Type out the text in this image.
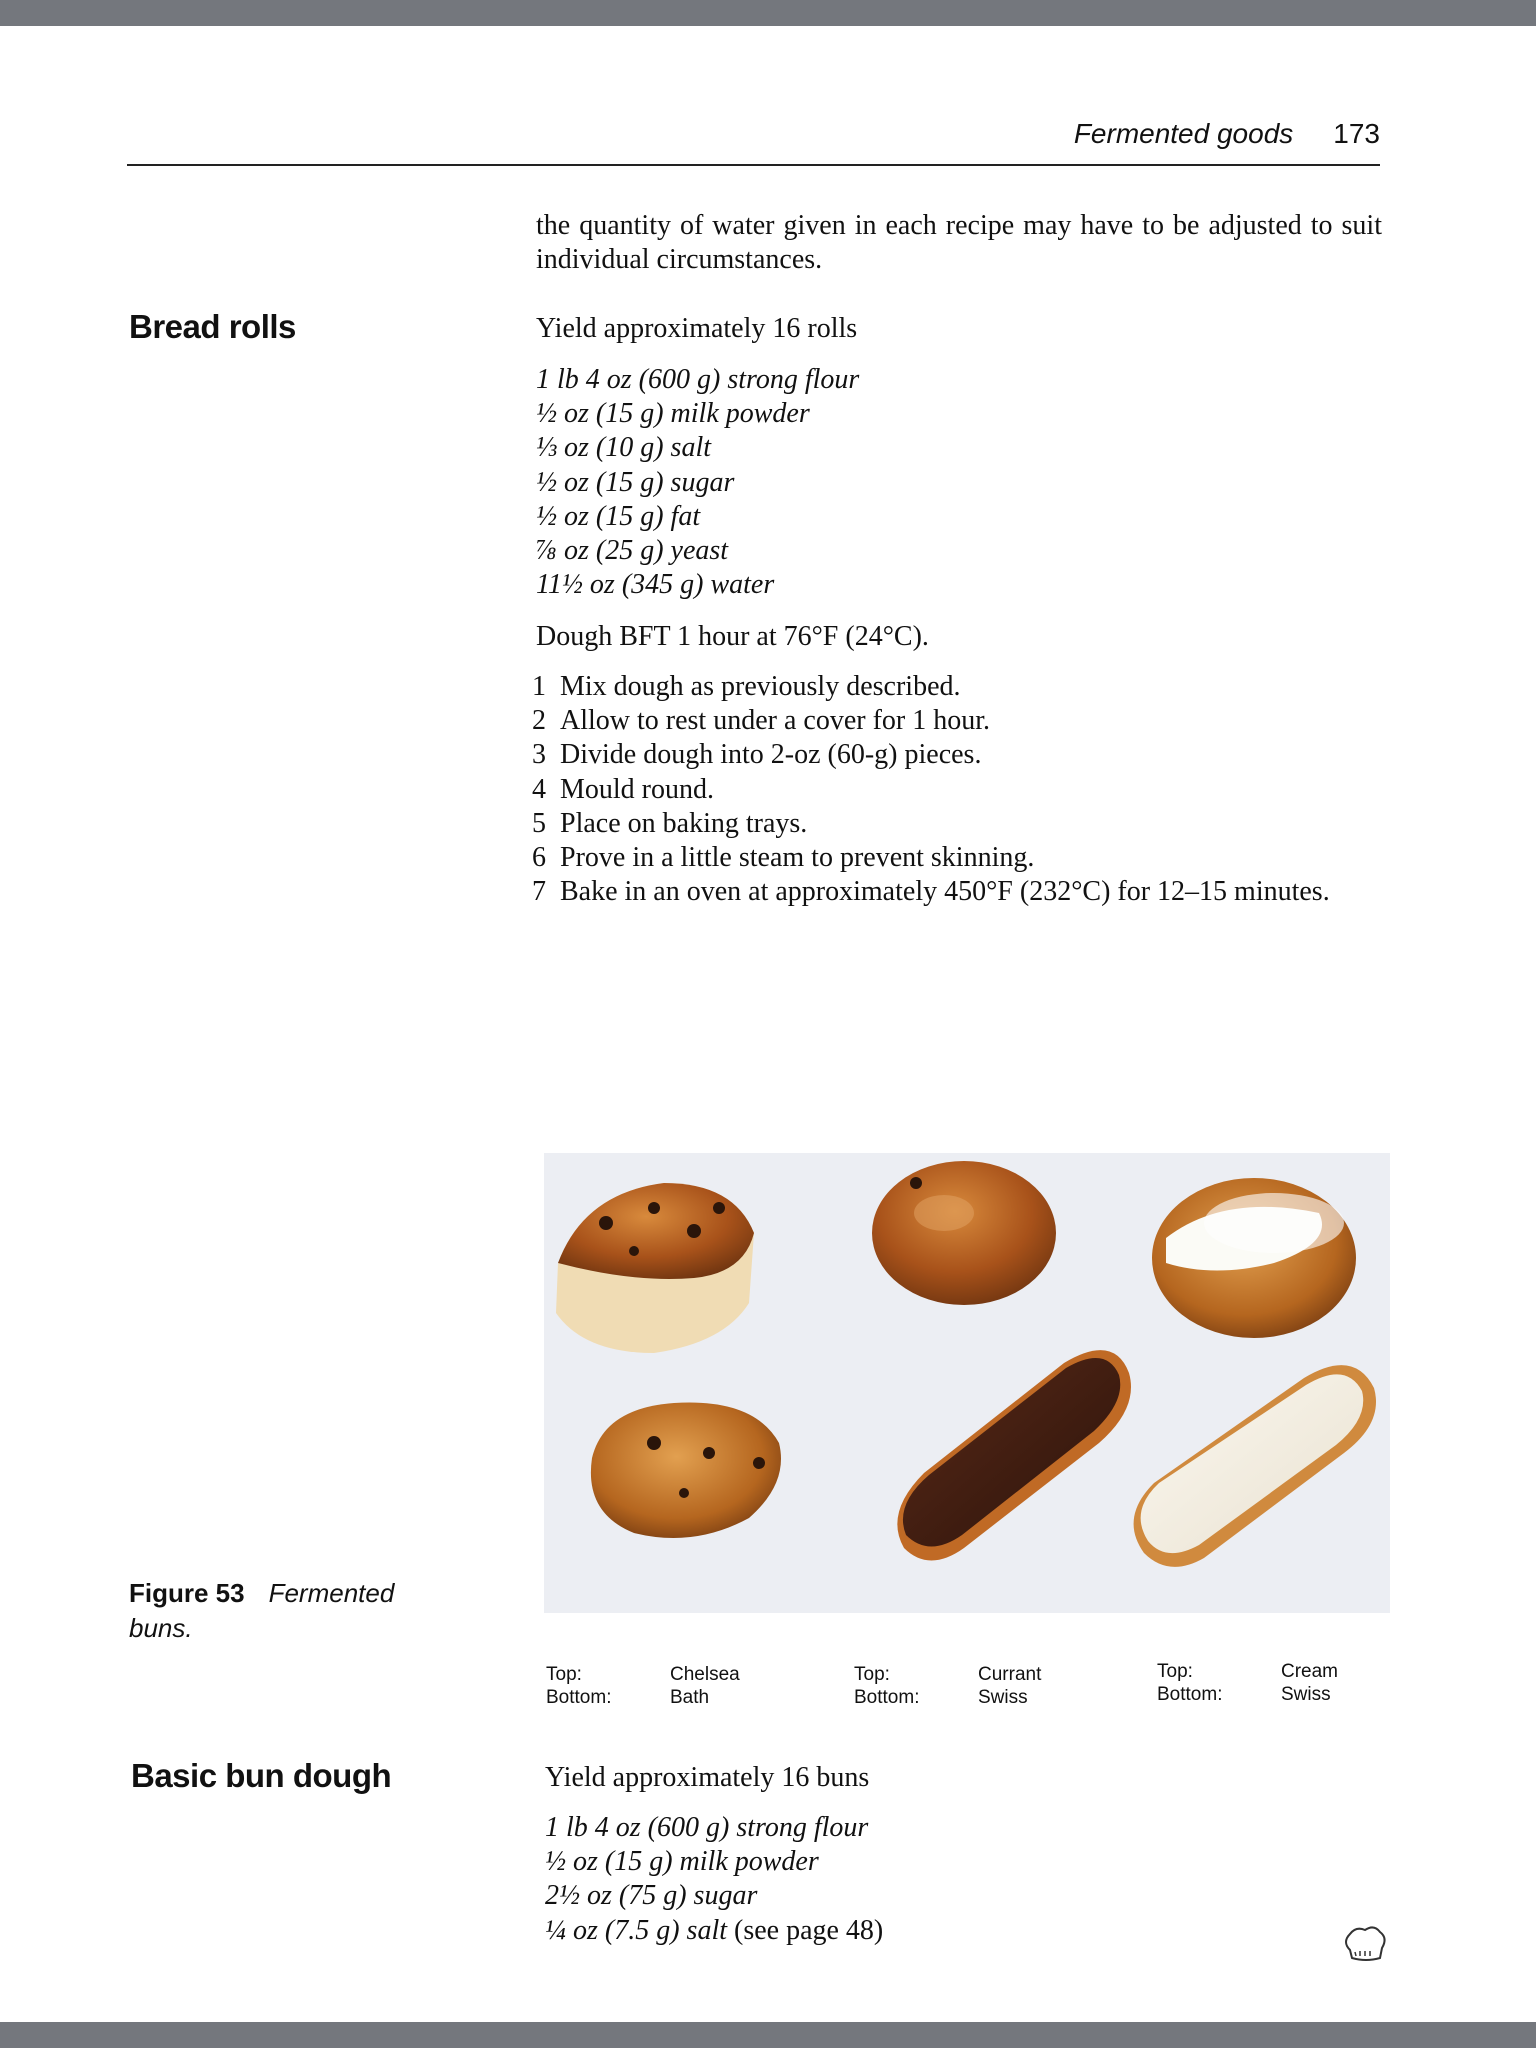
Fermented goods 173
the quantity of water given in each recipe may have to be adjusted to suit individual circumstances.
Bread rolls	Yield approximately 16 rolls
1 lb 4 oz (600 g) strong flour
½ oz (15 g) milk powder
⅓ oz (10 g) salt
½ oz (15 g) sugar
½ oz (15 g) fat
⅞ oz (25 g) yeast
11½ oz (345 g) water
Dough BFT 1 hour at 76°F (24°C).
1 Mix dough as previously described.
2 Allow to rest under a cover for 1 hour.
3 Divide dough into 2-oz (60-g) pieces.
4 Mould round.
5 Place on baking trays.
6 Prove in a little steam to prevent skinning.
7 Bake in an oven at approximately 450°F (232°C) for 12–15 minutes.
Figure 53 Fermented buns.
Top:
Bottom:
Chelsea
Bath
Top:
Bottom:
Currant
Swiss
Top:
Bottom:
Cream
Swiss
Basic bun dough	Yield approximately 16 buns
1 lb 4 oz (600 g) strong flour
½ oz (15 g) milk powder
2½ oz (75 g) sugar
¼ oz (7.5 g) salt (see page 48)
